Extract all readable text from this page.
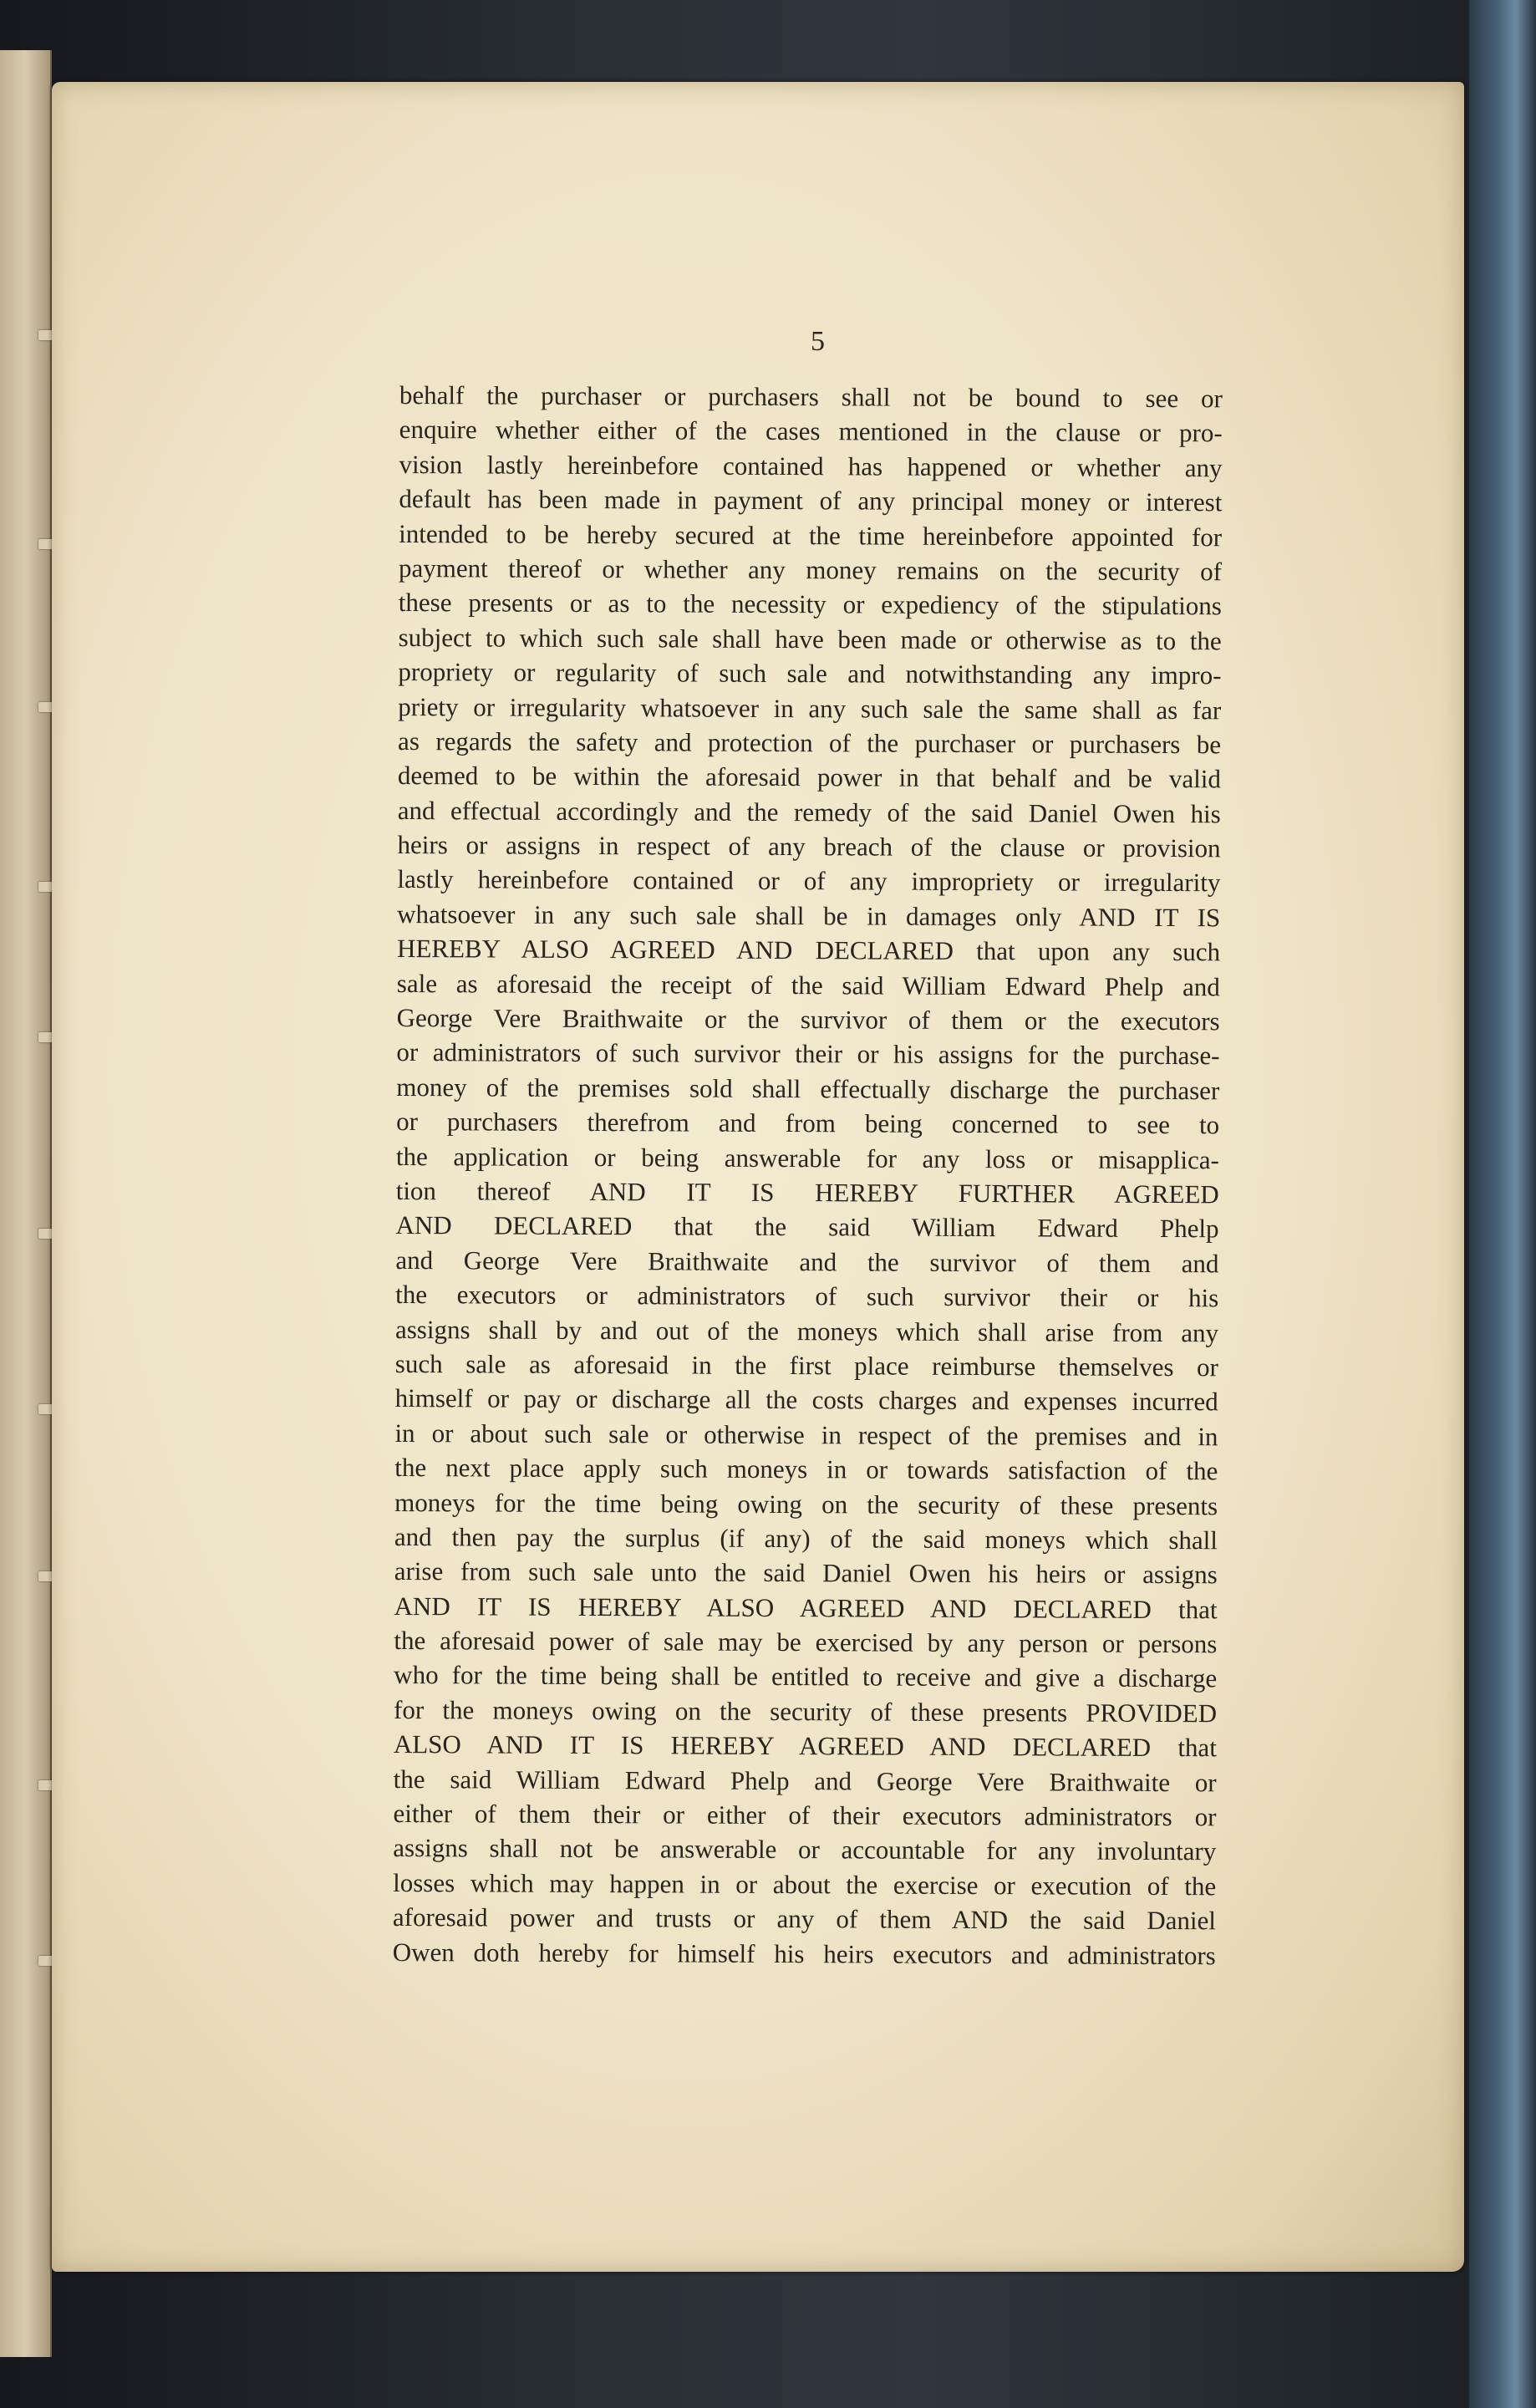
5
behalf the purchaser or purchasers shall not be bound to see or
enquire whether either of the cases mentioned in the clause or pro-
vision lastly hereinbefore contained has happened or whether any
default has been made in payment of any principal money or interest
intended to be hereby secured at the time hereinbefore appointed for
payment thereof or whether any money remains on the security of
these presents or as to the necessity or expediency of the stipulations
subject to which such sale shall have been made or otherwise as to the
propriety or regularity of such sale and notwithstanding any impro-
priety or irregularity whatsoever in any such sale the same shall as far
as regards the safety and protection of the purchaser or purchasers be
deemed to be within the aforesaid power in that behalf and be valid
and effectual accordingly and the remedy of the said Daniel Owen his
heirs or assigns in respect of any breach of the clause or provision
lastly hereinbefore contained or of any impropriety or irregularity
whatsoever in any such sale shall be in damages only AND IT IS
HEREBY ALSO AGREED AND DECLARED that upon any such
sale as aforesaid the receipt of the said William Edward Phelp and
George Vere Braithwaite or the survivor of them or the executors
or administrators of such survivor their or his assigns for the purchase-
money of the premises sold shall effectually discharge the purchaser
or purchasers therefrom and from being concerned to see to
the application or being answerable for any loss or misapplica-
tion thereof AND IT IS HEREBY FURTHER AGREED
AND DECLARED that the said William Edward Phelp
and George Vere Braithwaite and the survivor of them and
the executors or administrators of such survivor their or his
assigns shall by and out of the moneys which shall arise from any
such sale as aforesaid in the first place reimburse themselves or
himself or pay or discharge all the costs charges and expenses incurred
in or about such sale or otherwise in respect of the premises and in
the next place apply such moneys in or towards satisfaction of the
moneys for the time being owing on the security of these presents
and then pay the surplus (if any) of the said moneys which shall
arise from such sale unto the said Daniel Owen his heirs or assigns
AND IT IS HEREBY ALSO AGREED AND DECLARED that
the aforesaid power of sale may be exercised by any person or persons
who for the time being shall be entitled to receive and give a discharge
for the moneys owing on the security of these presents PROVIDED
ALSO AND IT IS HEREBY AGREED AND DECLARED that
the said William Edward Phelp and George Vere Braithwaite or
either of them their or either of their executors administrators or
assigns shall not be answerable or accountable for any involuntary
losses which may happen in or about the exercise or execution of the
aforesaid power and trusts or any of them AND the said Daniel
Owen doth hereby for himself his heirs executors and administrators
